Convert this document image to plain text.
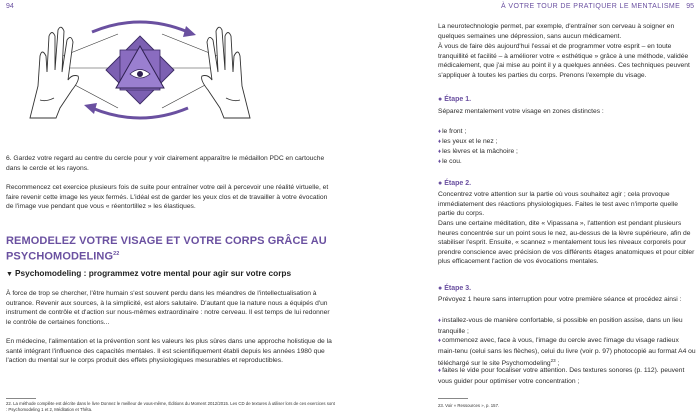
94

6. Gardez votre regard au centre du cercle pour y voir clairement apparaître le médaillon PDC en cartouche dans le cercle et les rayons.

Recommencez cet exercice plusieurs fois de suite pour entraîner votre œil à percevoir une réalité virtuelle, et faire revenir cette image les yeux fermés. L'idéal est de garder les yeux clos et de travailler à votre évocation de l'image vue pendant que vous « réentortillez » les élastiques.

REMODELEZ VOTRE VISAGE ET VOTRE CORPS GRÂCE AU PSYCHOMODELING$^{22}$
▼ Psychomodeling : programmez votre mental pour agir sur votre corps

À force de trop se chercher, l'être humain s'est souvent perdu dans les méandres de l'intellectualisation à outrance. Revenir aux sources, à la simplicité, est alors salutaire. D'autant que la nature nous a équipés d'un instrument de contrôle et d'action sur nous-mêmes extraordinaire : notre cerveau. Il est temps de lui redonner le contrôle de certaines fonctions...

En médecine, l'alimentation et la prévention sont les valeurs les plus sûres dans une approche holistique de la santé intégrant l'influence des capacités mentales. Il est scientifiquement établi depuis les années 1980 que l'action du mental sur le corps produit des effets physiologiques mesurables et reproductibles.

22. La méthode complète est décrite dans le livre Donnez le meilleur de vous-même, Éditions du Moment 2012/2015. Les CD de textures à utiliser lors de ces exercices sont : Psychomodeling 1 et 2, Méditation et Thêta.

À VOTRE TOUR DE PRATIQUER LE MENTALISME 95

La neurotechnologie permet, par exemple, d'entraîner son cerveau à soigner en quelques semaines une dépression, sans aucun médicament.

À vous de faire dès aujourd'hui l'essai et de programmer votre esprit – en toute tranquillité et facilité – à améliorer votre « esthétique » grâce à une méthode, validée médicalement, que j'ai mise au point il y a quelques années. Ces techniques peuvent s'appliquer à toutes les parties du corps. Prenons l'exemple du visage.

● Étape 1.

Séparez mentalement votre visage en zones distinctes :

♦le front ;

♦les yeux et le nez ;

♦les lèvres et la mâchoire ;

♦le cou.

● Étape 2.

Concentrez votre attention sur la partie où vous souhaitez agir ; cela provoque immédiatement des réactions physiologiques. Faites le test avec n'importe quelle partie du corps.

Dans une certaine méditation, dite « Vipassana », l'attention est pendant plusieurs heures concentrée sur un point sous le nez, au-dessus de la lèvre supérieure, afin de stabiliser l'esprit. Ensuite, « scannez » mentalement tous les niveaux corporels pour prendre conscience avec précision de vos différents étages anatomiques et pour cibler plus efficacement l'action de vos évocations mentales.

● Étape 3.

Prévoyez 1 heure sans interruption pour votre première séance et procédez ainsi :

♦installez-vous de manière confortable, si possible en position assise, dans un lieu tranquille ;

♦commencez avec, face à vous, l'image du cercle avec l'image du visage radieux main-tenu (celui sans les flèches), celui du livre (voir p. 97) photocopié au format A4 ou téléchargé sur le site Psychomodeling$^{23}$ ;

♦faites le vide pour focaliser votre attention. Des textures sonores (p. 112). peuvent vous guider pour optimiser votre concentration ;

23. Voir « Ressources », p. 157.
